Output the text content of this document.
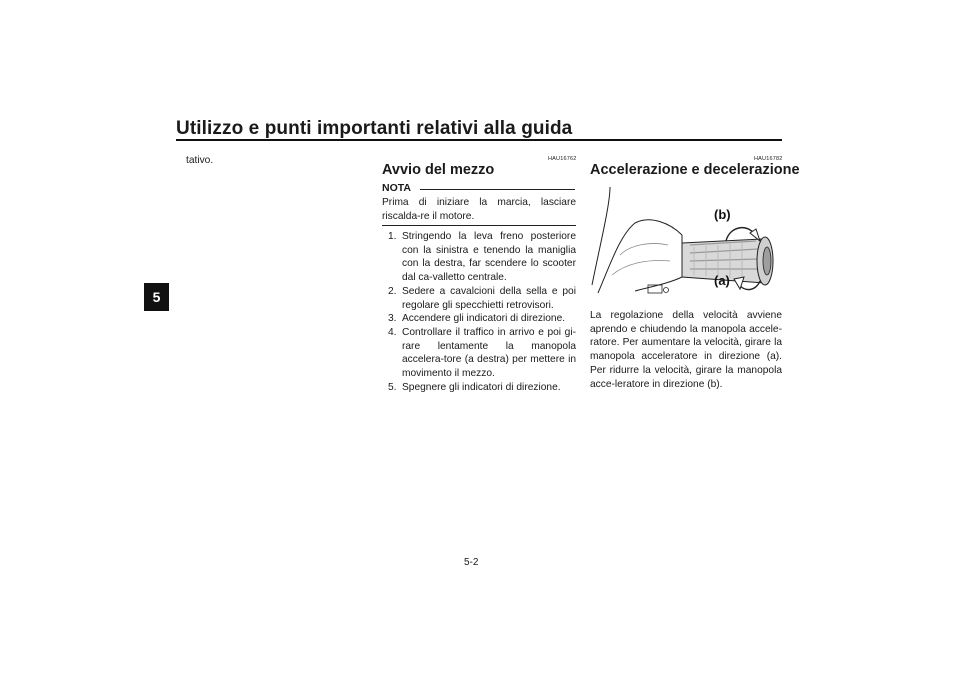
Utilizzo e punti importanti relativi alla guida
5
tativo.	HAU16762
Avvio del mezzo
NOTA
Prima di iniziare la marcia, lasciare riscalda-re il motore.
1. Stringendo la leva freno posteriore con la sinistra e tenendo la maniglia con la destra, far scendere lo scooter dal ca-valletto centrale.
2. Sedere a cavalcioni della sella e poi regolare gli specchietti retrovisori.
3. Accendere gli indicatori di direzione.
4. Controllare il traffico in arrivo e poi gi-rare lentamente la manopola accelera-tore (a destra) per mettere in movimento il mezzo.
5. Spegnere gli indicatori di direzione.
HAU16782
Accelerazione e decelerazione
(b)
(a)
La regolazione della velocità avviene aprendo e chiudendo la manopola accele-ratore. Per aumentare la velocità, girare la manopola acceleratore in direzione (a). Per ridurre la velocità, girare la manopola acce-leratore in direzione (b).
5-2
